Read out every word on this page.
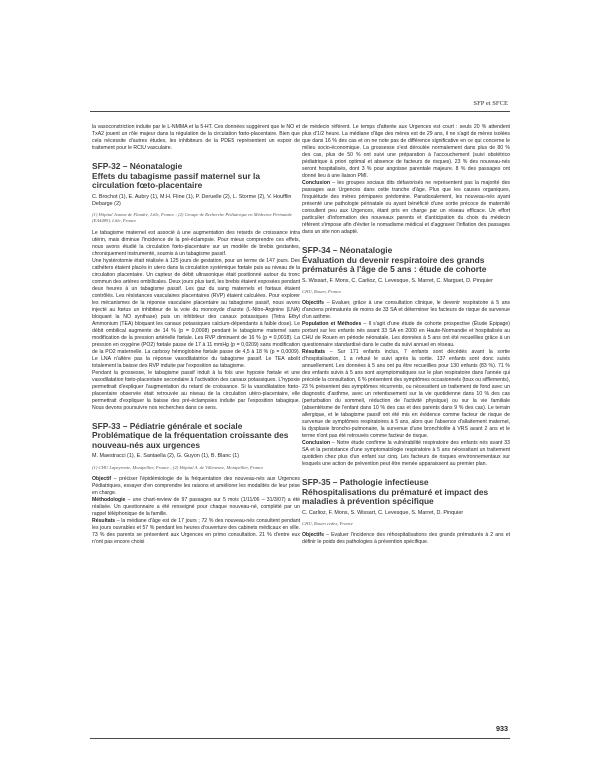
SFP et SFCE

la vasoconstriction induite par le L-NMMA et la 5-HT. Ces données suggèrent que le NO et TxA2 jouent un rôle majeur dans la régulation de la circulation fœto-placentaire. Bien que cela nécessite d'autres études, les inhibiteurs de la PDE5 représentent un espoir de traitement pour le RCIU vasculaire.

SFP-32 – Néonatalogie
Effets du tabagisme passif maternel sur la circulation fœto-placentaire
C. Brochot (1), E. Aubry (1), M.H. Fline (1), P. Deruelle (2), L. Storme (2), V. Houfflin Debarge (2)
(1) Hôpital Jeanne de Flandre, Lille, France ; (2) Groupe de Recherche Pédiatrique en Médecine Périnatale (EA4489), Lille, France

Le tabagisme maternel est associé à une augmentation des retards de croissance intra utérin, mais diminue l'incidence de la pré-éclampsie. Pour mieux comprendre ces effets, nous avons étudié la circulation fœto-placentaire sur un modèle de brebis gestantes, chroniquement instrumenté, soumis à un tabagisme passif.

Une hystérotomie était réalisée à 125 jours de gestation, pour un terme de 147 jours. Des cathéters étaient placés in utero dans la circulation systémique fœtale puis au niveau de la circulation placentaire. Un capteur de débit ultrasonique était positionné autour du tronc commun des artères ombilicales. Deux jours plus tard, les brebis étaient exposées pendant deux heures à un tabagisme passif. Les gaz du sang maternels et fœtaux étaient contrôlés. Les résistances vasculaires placentaires (RVP) étaient calculées. Pour explorer les mécanismes de la réponse vasculaire placentaire au tabagisme passif, nous avons injecté au fœtus un inhibiteur de la voie du monoxyde d'azote (L-Nitro-Arginine (LNA) bloquant la NO synthase) puis un inhibiteur des canaux potassiques (Tetra Ethyl Ammonium (TEA) bloquant les canaux potassiques calcium-dépendants à faible dose). Le débit ombilical augmente de 14 % (p = 0,0008) pendant le tabagisme maternel sans modification de la pression artérielle fœtale. Les RVP diminuent de 16 % (p = 0,0018). La pression en oxygène (PO2) fœtale passe de 17 à 11 mmHg (p = 0,0209) sans modification de la PO2 maternelle. La carboxy hémoglobine fœtale passe de 4,5 à 18 % (p = 0,0009). Le LNA n'altère pas la réponse vasodilatatrice du tabagisme passif. Le TEA abolit totalement la baisse des RVP induite par l'exposition au tabagisme.

Pendant la grossesse, le tabagisme passif induit à la fois une hypoxie fœtale et une vasodilatation fœto-placentaire secondaire à l'activation des canaux potassiques. L'hypoxie permettrait d'expliquer l'augmentation du retard de croissance. Si la vasodilatation fœto-placentaire observée était retrouvée au niveau de la circulation utéro-placentaire, elle permettrait d'expliquer la baisse des pré-éclampsies induite par l'exposition tabagique. Nous devons poursuivre nos recherches dans ce sens.

SFP-33 – Pédiatrie générale et sociale
Problématique de la fréquentation croissante des nouveau-nés aux urgences
M. Maestracci (1), E. Santaella (2), G. Guyon (1), B. Blanc (1)
(1) CHU Lapeyronie, Montpellier, France ; (2) Hôpital A. de Villeneuve, Montpellier, France

Objectif – préciser l'épidémiologie de la fréquentation des nouveau-nés aux Urgences Pédiatriques, essayer d'en comprendre les raisons et améliorer les modalités de leur prise en charge.

Méthodologie – une chart-review de 97 passages sur 5 mois (1/11/06 – 31/3/07) a été réalisée. Un questionnaire a été renseigné pour chaque nouveau-né, complété par un rappel téléphonique de la famille.

Résultats – la médiane d'âge est de 17 jours ; 72 % des nouveau-nés consultent pendant les jours ouvrables et 57 % pendant les heures d'ouverture des cabinets médicaux en ville. 73 % des parents se présentent aux Urgences en primo consultation. 21 % d'entre eux n'ont pas encore choisi

de médecin référent. Le temps d'attente aux Urgences est court : seuls 20 % attendent plus d'1/2 heure. La médiane d'âge des mères est de 29 ans, il ne s'agit de mères isolées que dans 16 % des cas et on ne note pas de différence significative en ce qui concerne le milieu socio-économique. La grossesse s'est déroulée normalement dans plus de 80 % des cas, plus de 50 % ont suivi une préparation à l'accouchement (suivi obstétrico pédiatrique à priori optimal et absence de facteurs de risques). 23 % des nouveau-nés seront hospitalisés, dont 3 % pour angoisse parentale majeure. 8 % des passages ont donné lieu à une liaison PMI.

Conclusion – les groupes sociaux dits défavorisés ne représentent pas la majorité des passages aux Urgences dans cette tranche d'âge. Plus que les causes organiques, l'inquiétude des mères primipares prédomine. Paradoxalement, les nouveau-nés ayant présenté une pathologie périnatale ou ayant bénéficié d'une sortie précoce de maternité consultent peu aux Urgences, étant pris en charge par un réseau efficace. Un effort particulier d'information des nouveaux parents et d'anticipation du choix du médecin référent s'impose afin d'éviter le nomadisme médical et d'aggraver l'inflation des passages dans un site non adapté.

SFP-34 – Néonatalogie
Évaluation du devenir respiratoire des grands prématurés à l'âge de 5 ans : étude de cohorte
S. Wissart, F. Mons, C. Carlioz, C. Levesque, S. Marret, C. Marguet, D. Pinquier
CHU, Rouen, France

Objectifs – Evaluer, grâce à une consultation clinique, le devenir respiratoire à 5 ans d'anciens prématurés de moins de 33 SA et déterminer les facteurs de risque de survenue d'un asthme.

Population et Méthodes – Il s'agit d'une étude de cohorte prospective (Étude Epipage) portant sur les enfants nés avant 33 SA en 2000 en Haute-Normandie et hospitalisés au CHU de Rouen en période néonatale. Les données à 5 ans ont été recueillies grâce à un questionnaire standardisé dans le cadre du suivi annuel en réseau.

Résultats – Sur 171 enfants inclus, 7 enfants sont décédés avant la sortie d'hospitalisation, 1 a refusé le suivi après la sortie. 137 enfants sont donc suivis annuellement. Les données à 5 ans ont pu être recueillies pour 130 enfants (83 %). 71 % des enfants suivis à 5 ans sont asymptomatiques sur le plan respiratoire dans l'année qui précède la consultation, 6 % présentent des symptômes occasionnels (toux ou sifflements), 23 % présentent des symptômes récurrents, ou nécessitent un traitement de fond avec un diagnostic d'asthme, avec un retentissement sur la vie quotidienne dans 10 % des cas (perturbation du sommeil, réduction de l'activité physique) ou sur la vie familiale (absentéisme de l'enfant dans 10 % des cas et des parents dans 9 % des cas). Le terrain allergique, et le tabagisme passif ont été mis en évidence comme facteur de risque de survenue de symptômes respiratoires à 5 ans, alors que l'absence d'allaitement maternel, la dysplasie broncho-pulmonaire, la survenue d'une bronchiolite à VRS avant 2 ans et le terme n'ont pas été retrouvés comme facteur de risque.

Conclusion – Notre étude confirme la vulnérabilité respiratoire des enfants nés avant 33 SA et la persistance d'une symptomatologie respiratoire à 5 ans nécessitant un traitement quotidien chez plus d'un enfant sur cinq. Les facteurs de risques environnementaux sur lesquels une action de prévention peut être menée apparaissent au premier plan.

SFP-35 – Pathologie infectieuse
Réhospitalisations du prématuré et impact des maladies à prévention spécifique
C. Carlioz, F. Mons, S. Wissart, C. Levesque, S. Marret, D. Pinquier
CHU, Rouen cedex, France

Objectifs – Evaluer l'incidence des réhospitalisations des grands prématurés à 2 ans et définir le poids des pathologies à prévention spécifique.

933
